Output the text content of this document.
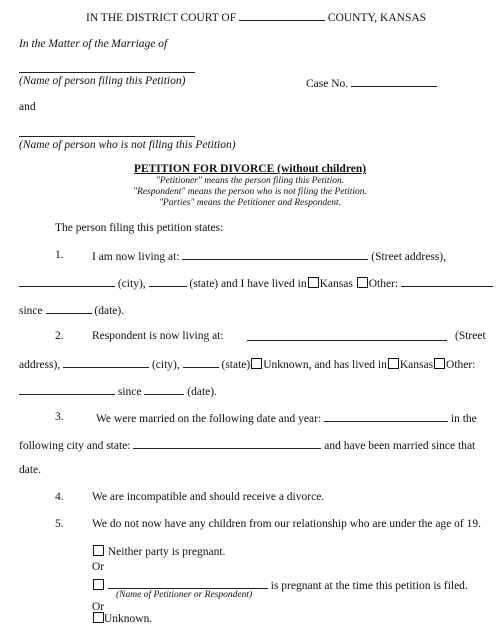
IN THE DISTRICT COURT OF	COUNTY, KANSAS
In the Matter of the Marriage of
(Name of person filing this Petition)	Case No.
and
(Name of person who is not filing this Petition)
PETITION FOR DIVORCE (without children)
"Petitioner" means the person filing this Petition.
"Respondent" means the person who is not filing the Petition.
"Parties" means the Petitioner and Respondent.
The person filing this petition states:
1. I am now living at:	(Street address),
(city),	(state) and I have lived in Kansas Other:
since	(date).
2. Respondent is now living at:	(Street
address),	(city),	(state) Unknown, and has lived in Kansas Other:
since	(date).
3.	We were married on the following date and year:	in the
following city and state:	and have been married since that
date.
4. We are incompatible and should receive a divorce.
5. We do not now have any children from our relationship who are under the age of 19.
Neither party is pregnant.
Or
is pregnant at the time this petition is filed.
(Name of Petitioner or Respondent)
Or
Unknown.
